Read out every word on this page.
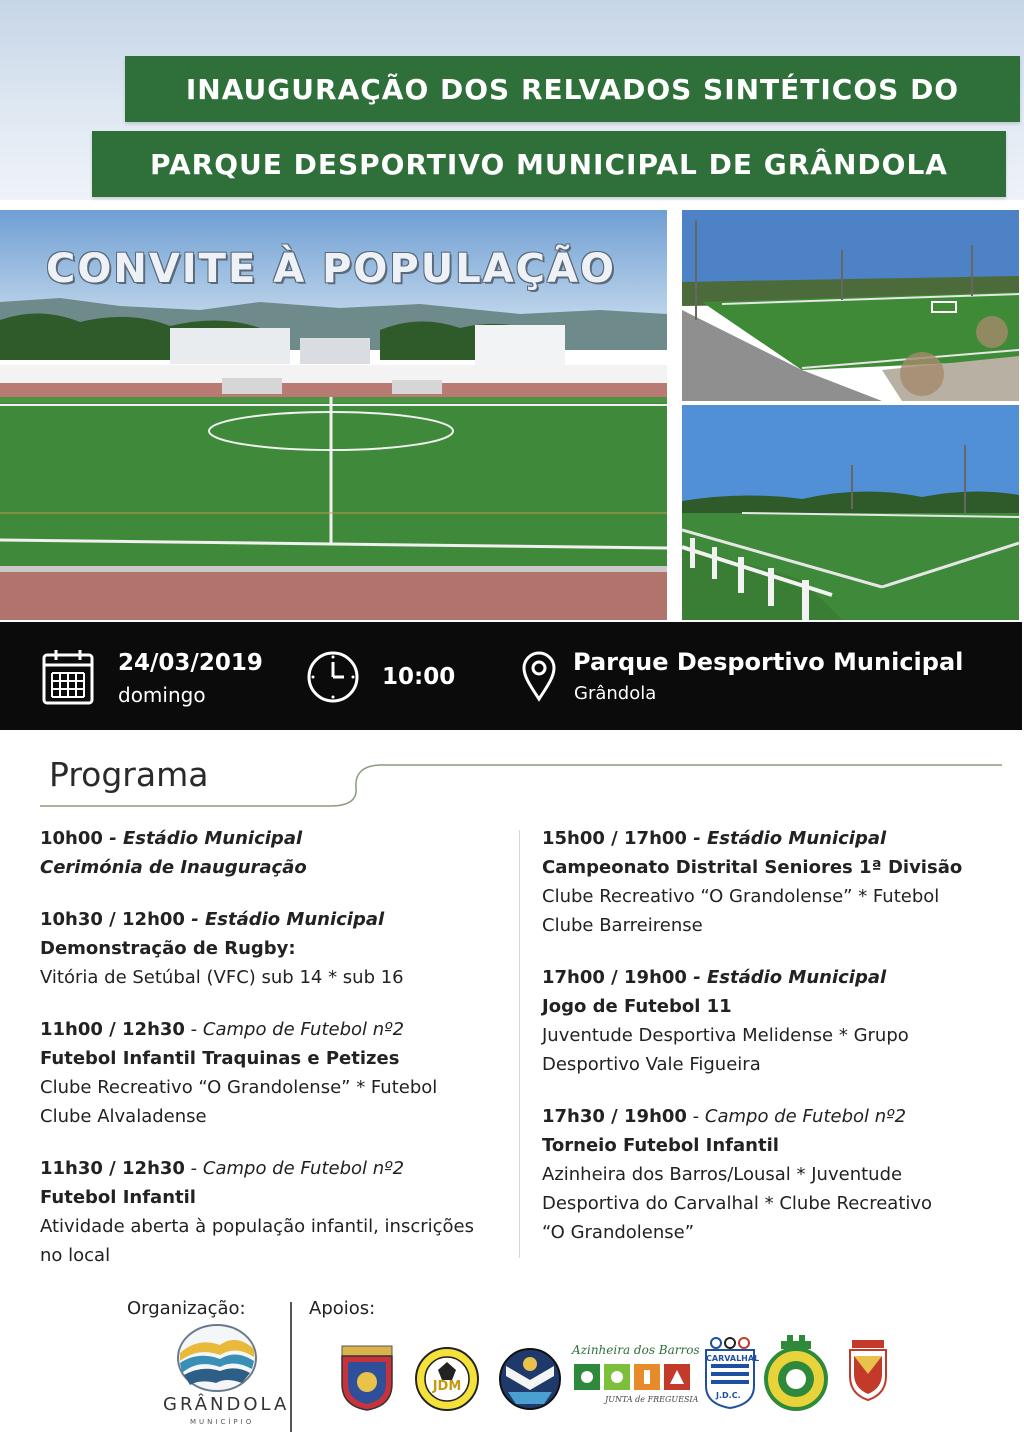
INAUGURAÇÃO DOS RELVADOS SINTÉTICOS DO
PARQUE DESPORTIVO MUNICIPAL DE GRÂNDOLA
CONVITE À POPULAÇÃO
24/03/2019
domingo
10:00
Parque Desportivo Municipal
Grândola
Programa

10h00 - Estádio Municipal

Cerimónia de Inauguração

10h30 / 12h00 - Estádio Municipal

Demonstração de Rugby:

Vitória de Setúbal (VFC) sub 14 * sub 16

11h00 / 12h30 - Campo de Futebol nº2

Futebol Infantil Traquinas e Petizes

Clube Recreativo “O Grandolense” * Futebol

Clube Alvaladense

11h30 / 12h30 - Campo de Futebol nº2

Futebol Infantil

Atividade aberta à população infantil, inscrições

no local

15h00 / 17h00 - Estádio Municipal

Campeonato Distrital Seniores 1ª Divisão

Clube Recreativo “O Grandolense” * Futebol

Clube Barreirense

17h00 / 19h00 - Estádio Municipal

Jogo de Futebol 11

Juventude Desportiva Melidense * Grupo

Desportivo Vale Figueira

17h30 / 19h00 - Campo de Futebol nº2

Torneio Futebol Infantil

Azinheira dos Barros/Lousal * Juventude

Desportiva do Carvalhal * Clube Recreativo

“O Grandolense”

Organização:	Apoios:
GRÂNDOLA
MUNICÍPIO
JDM
Azinheira dos Barros
JUNTA de FREGUESIA
CARVALHAL
J.D.C.
